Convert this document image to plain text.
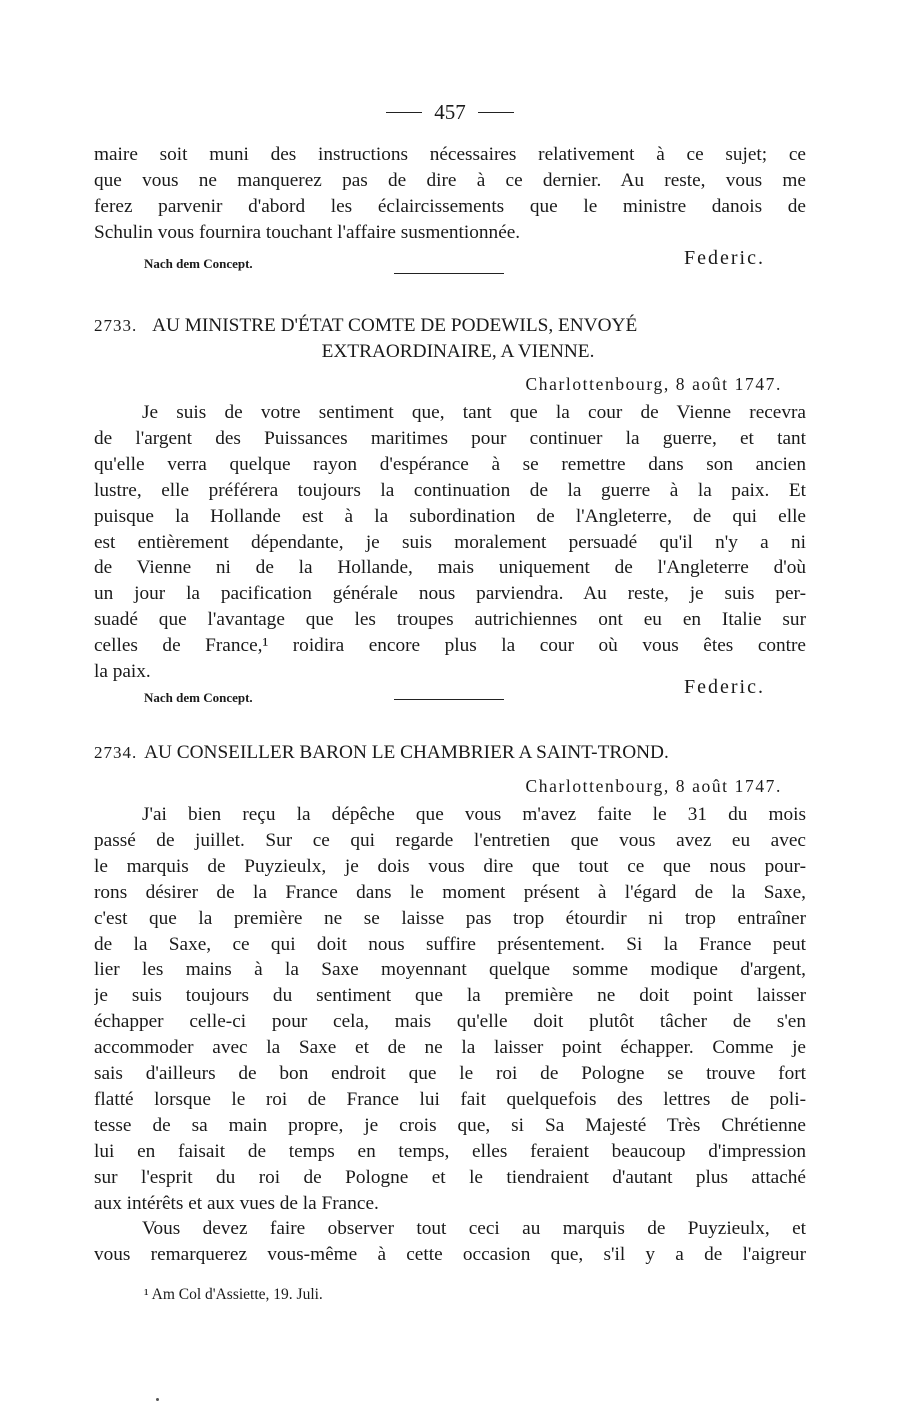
457
maire soit muni des instructions nécessaires relativement à ce sujet; ce
que vous ne manquerez pas de dire à ce dernier. Au reste, vous me
ferez parvenir d'abord les éclaircissements que le ministre danois de
Schulin vous fournira touchant l'affaire susmentionnée.
Nach dem Concept.	Federic.
2733. AU MINISTRE D'ÉTAT COMTE DE PODEWILS, ENVOYÉ
EXTRAORDINAIRE, A VIENNE.
Charlottenbourg, 8 août 1747.
Je suis de votre sentiment que, tant que la cour de Vienne recevra
de l'argent des Puissances maritimes pour continuer la guerre, et tant
qu'elle verra quelque rayon d'espérance à se remettre dans son ancien
lustre, elle préférera toujours la continuation de la guerre à la paix. Et
puisque la Hollande est à la subordination de l'Angleterre, de qui elle
est entièrement dépendante, je suis moralement persuadé qu'il n'y a ni
de Vienne ni de la Hollande, mais uniquement de l'Angleterre d'où
un jour la pacification générale nous parviendra. Au reste, je suis per-
suadé que l'avantage que les troupes autrichiennes ont eu en Italie sur
celles de France,¹ roidira encore plus la cour où vous êtes contre
la paix.
Nach dem Concept.	Federic.
2734. AU CONSEILLER BARON LE CHAMBRIER A SAINT-TROND.
Charlottenbourg, 8 août 1747.
J'ai bien reçu la dépêche que vous m'avez faite le 31 du mois
passé de juillet. Sur ce qui regarde l'entretien que vous avez eu avec
le marquis de Puyzieulx, je dois vous dire que tout ce que nous pour-
rons désirer de la France dans le moment présent à l'égard de la Saxe,
c'est que la première ne se laisse pas trop étourdir ni trop entraîner
de la Saxe, ce qui doit nous suffire présentement. Si la France peut
lier les mains à la Saxe moyennant quelque somme modique d'argent,
je suis toujours du sentiment que la première ne doit point laisser
échapper celle-ci pour cela, mais qu'elle doit plutôt tâcher de s'en
accommoder avec la Saxe et de ne la laisser point échapper. Comme je
sais d'ailleurs de bon endroit que le roi de Pologne se trouve fort
flatté lorsque le roi de France lui fait quelquefois des lettres de poli-
tesse de sa main propre, je crois que, si Sa Majesté Très Chrétienne
lui en faisait de temps en temps, elles feraient beaucoup d'impression
sur l'esprit du roi de Pologne et le tiendraient d'autant plus attaché
aux intérêts et aux vues de la France.
Vous devez faire observer tout ceci au marquis de Puyzieulx, et
vous remarquerez vous-même à cette occasion que, s'il y a de l'aigreur
¹ Am Col d'Assiette, 19. Juli.
